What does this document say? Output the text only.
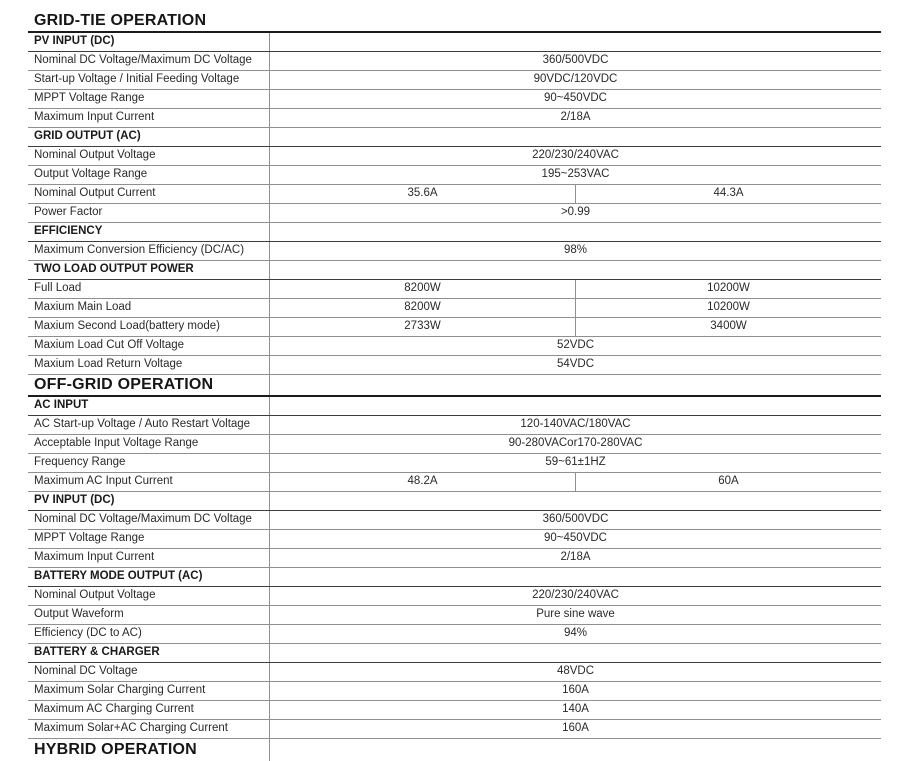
GRID-TIE OPERATION
PV INPUT (DC)
Nominal DC Voltage/Maximum DC Voltage	360/500VDC
Start-up Voltage / Initial Feeding Voltage	90VDC/120VDC
MPPT Voltage Range	90~450VDC
Maximum Input Current	2/18A
GRID OUTPUT (AC)
Nominal Output Voltage	220/230/240VAC
Output Voltage Range	195~253VAC
Nominal Output Current	35.6A	44.3A
Power Factor	>0.99
EFFICIENCY
Maximum Conversion Efficiency (DC/AC)	98%
TWO LOAD OUTPUT POWER
Full Load	8200W	10200W
Maxium Main Load	8200W	10200W
Maxium Second Load(battery mode)	2733W	3400W
Maxium Load Cut Off Voltage	52VDC
Maxium Load Return Voltage	54VDC
OFF-GRID OPERATION
AC INPUT
AC Start-up Voltage / Auto Restart Voltage	120-140VAC/180VAC
Acceptable Input Voltage Range	90-280VACor170-280VAC
Frequency Range	59~61±1HZ
Maximum AC Input Current	48.2A	60A
PV INPUT (DC)
Nominal DC Voltage/Maximum DC Voltage	360/500VDC
MPPT Voltage Range	90~450VDC
Maximum Input Current	2/18A
BATTERY MODE OUTPUT (AC)
Nominal Output Voltage	220/230/240VAC
Output Waveform	Pure sine wave
Efficiency (DC to AC)	94%
BATTERY & CHARGER
Nominal DC Voltage	48VDC
Maximum Solar Charging Current	160A
Maximum AC Charging Current	140A
Maximum Solar+AC Charging Current	160A
HYBRID OPERATION
